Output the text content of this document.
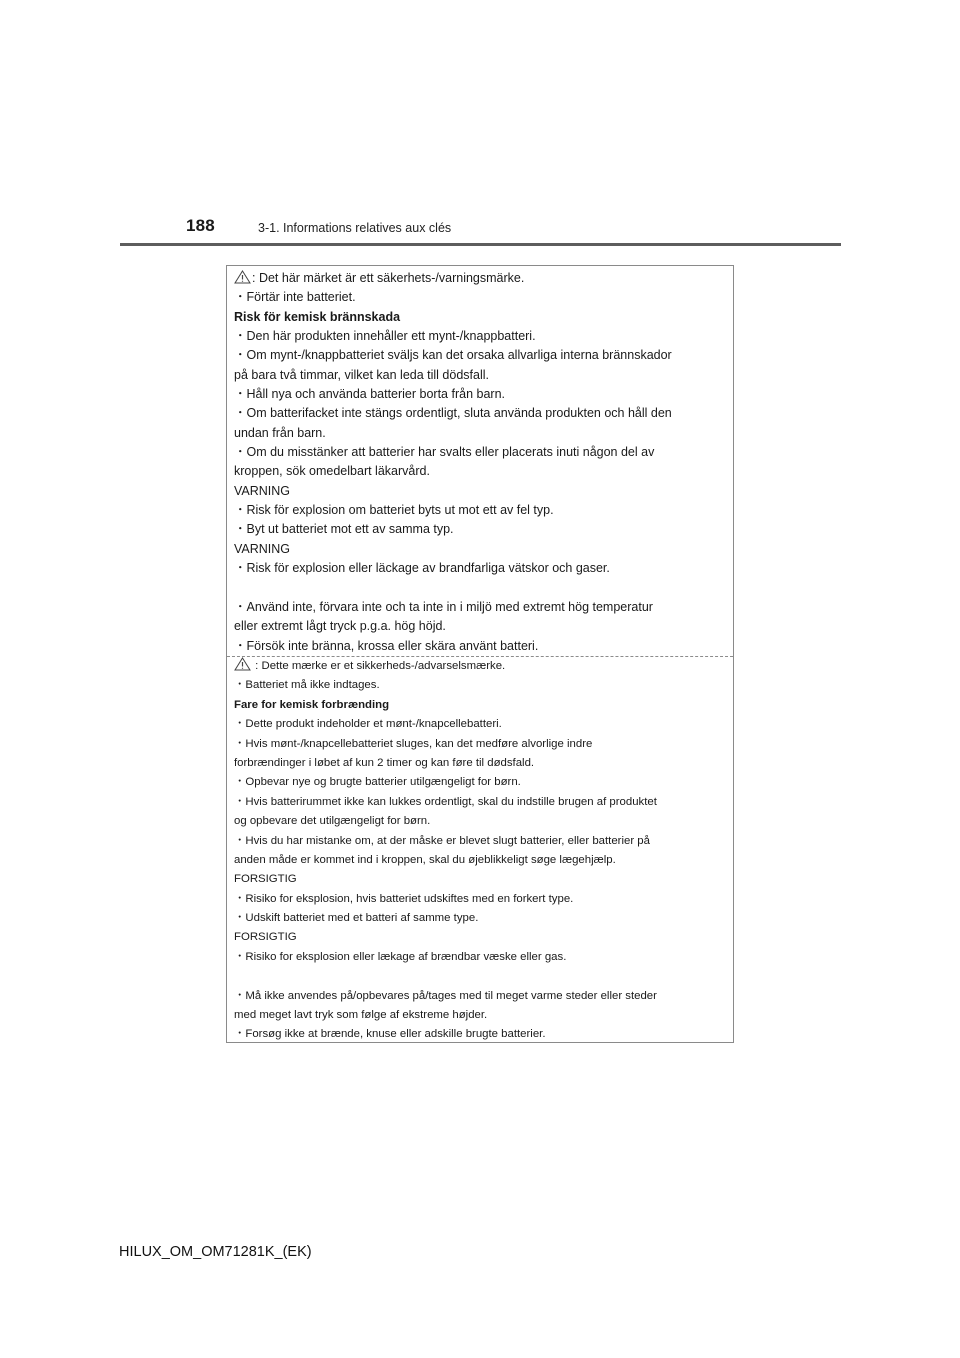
188	3-1. Informations relatives aux clés
: Det här märket är ett säkerhets-/varningsmärke.
・Förtär inte batteriet.
Risk för kemisk brännskada
・Den här produkten innehåller ett mynt-/knappbatteri.
・Om mynt-/knappbatteriet sväljs kan det orsaka allvarliga interna brännskador
på bara två timmar, vilket kan leda till dödsfall.
・Håll nya och använda batterier borta från barn.
・Om batterifacket inte stängs ordentligt, sluta använda produkten och håll den
undan från barn.
・Om du misstänker att batterier har svalts eller placerats inuti någon del av
kroppen, sök omedelbart läkarvård.
VARNING
・Risk för explosion om batteriet byts ut mot ett av fel typ.
・Byt ut batteriet mot ett av samma typ.
VARNING
・Risk för explosion eller läckage av brandfarliga vätskor och gaser.
・Använd inte, förvara inte och ta inte in i miljö med extremt hög temperatur
eller extremt lågt tryck p.g.a. hög höjd.
・Försök inte bränna, krossa eller skära använt batteri.
: Dette mærke er et sikkerheds-/advarselsmærke.
・Batteriet må ikke indtages.
Fare for kemisk forbrænding
・Dette produkt indeholder et mønt-/knapcellebatteri.
・Hvis mønt-/knapcellebatteriet sluges, kan det medføre alvorlige indre
forbrændinger i løbet af kun 2 timer og kan føre til dødsfald.
・Opbevar nye og brugte batterier utilgængeligt for børn.
・Hvis batterirummet ikke kan lukkes ordentligt, skal du indstille brugen af produktet
og opbevare det utilgængeligt for børn.
・Hvis du har mistanke om, at der måske er blevet slugt batterier, eller batterier på
anden måde er kommet ind i kroppen, skal du øjeblikkeligt søge lægehjælp.
FORSIGTIG
・Risiko for eksplosion, hvis batteriet udskiftes med en forkert type.
・Udskift batteriet med et batteri af samme type.
FORSIGTIG
・Risiko for eksplosion eller lækage af brændbar væske eller gas.
・Må ikke anvendes på/opbevares på/tages med til meget varme steder eller steder
med meget lavt tryk som følge af ekstreme højder.
・Forsøg ikke at brænde, knuse eller adskille brugte batterier.
HILUX_OM_OM71281K_(EK)
